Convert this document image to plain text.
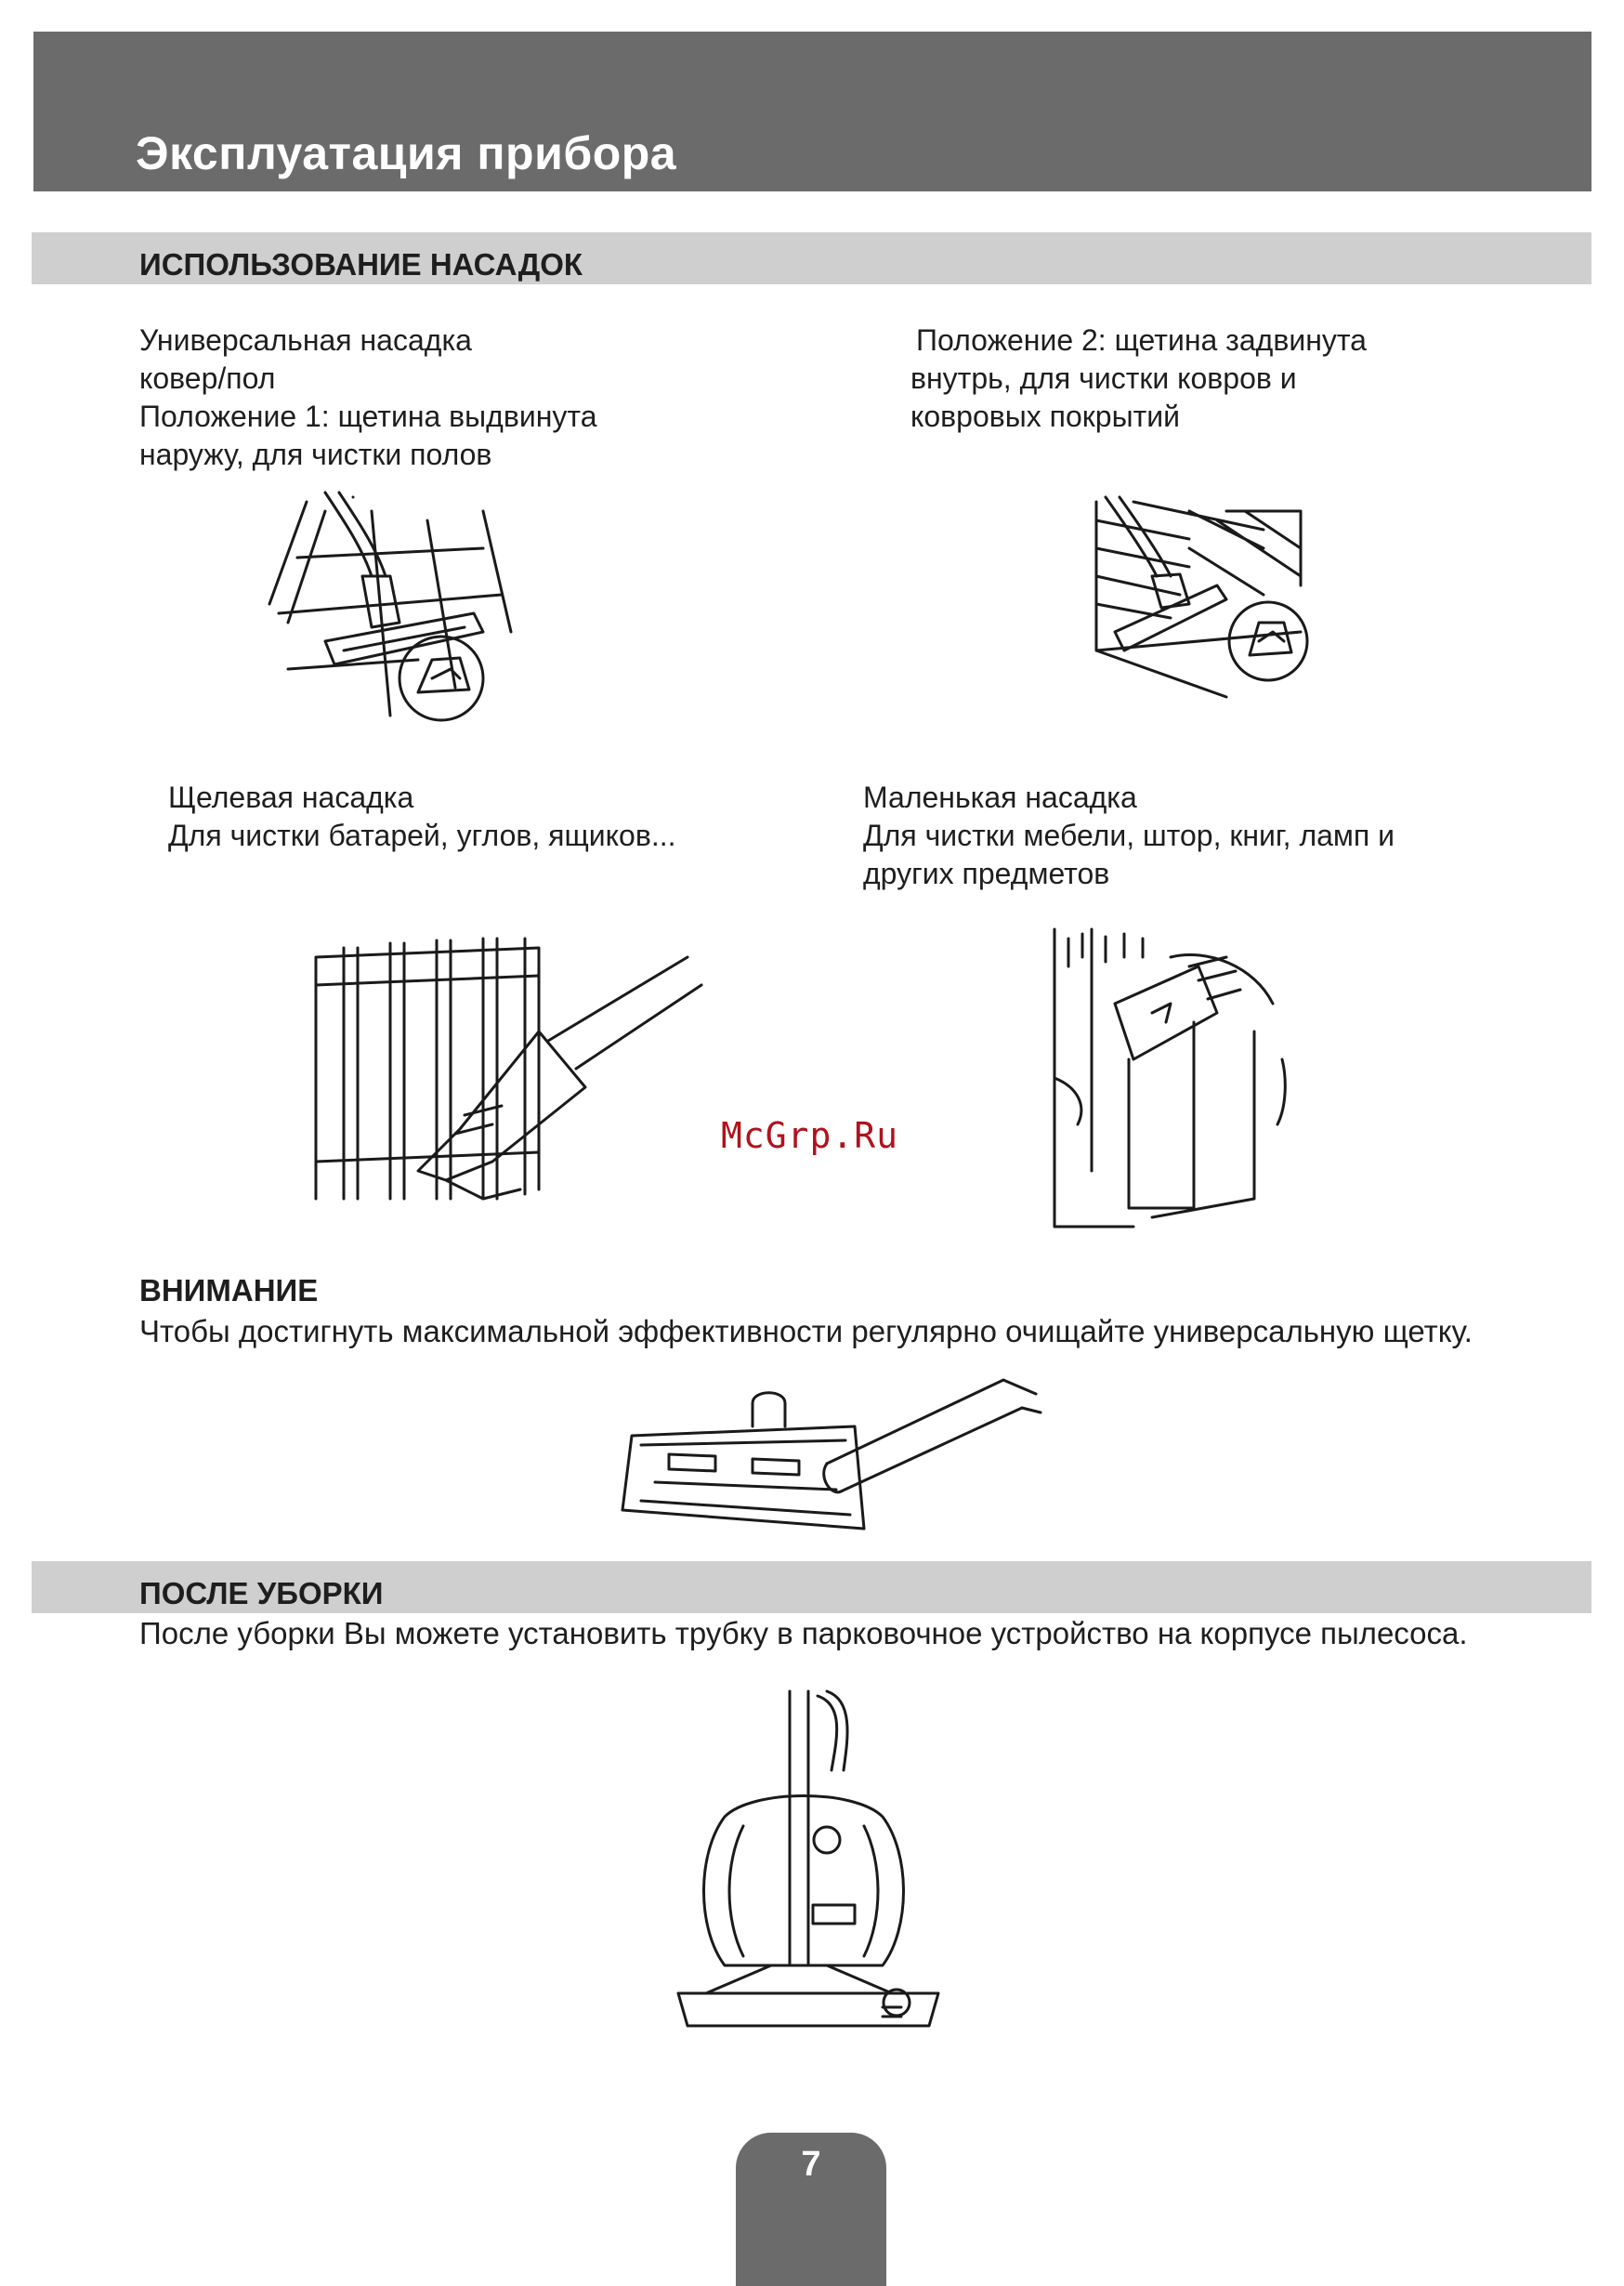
Эксплуатация прибора
ИСПОЛЬЗОВАНИЕ НАСАДОК
Универсальная насадка
ковер/пол
Положение 1: щетина выдвинута
наружу, для чистки полов
Положение 2: щетина задвинута
внутрь, для чистки ковров и
ковровых покрытий
Щелевая насадка
Для чистки батарей, углов, ящиков...
Маленькая насадка
Для чистки мебели, штор, книг, ламп и
других предметов
McGrp.Ru
ВНИМАНИЕ
Чтобы достигнуть максимальной эффективности регулярно очищайте универсальную щетку.
ПОСЛЕ УБОРКИ
После уборки Вы можете установить трубку в парковочное устройство на корпусе пылесоса.
7
